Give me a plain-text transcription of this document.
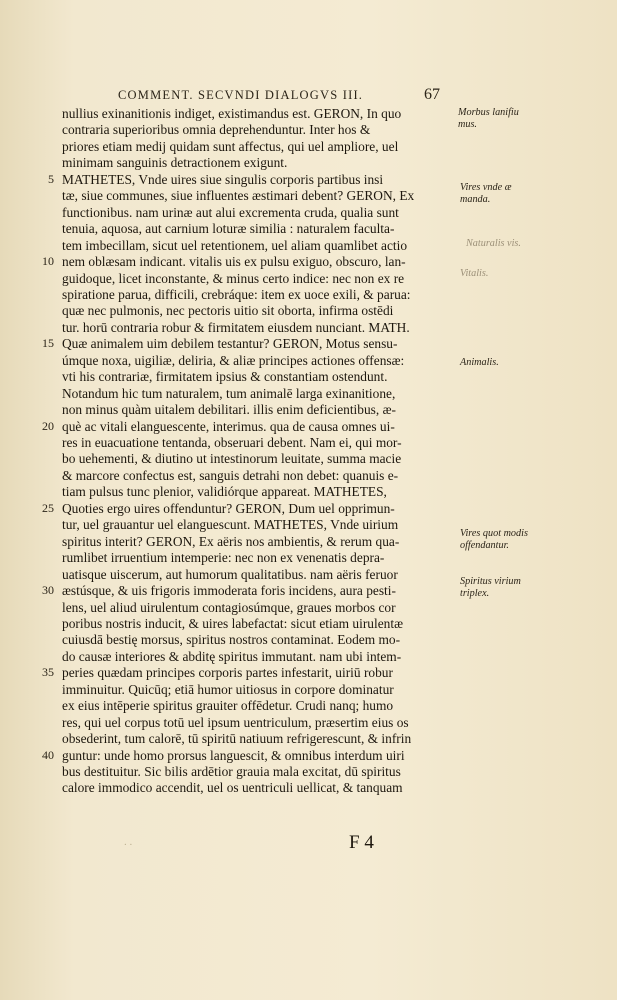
COMMENT. SECVNDI DIALOGVS III.	67
nullius exinanitionis indiget, existimandus est. GERON, In quo
contraria superioribus omnia deprehenduntur. Inter hos &
priores etiam medij quidam sunt affectus, qui uel ampliore, uel
minimam sanguinis detractionem exigunt.
5 MATHETES, Vnde uires siue singulis corporis partibus insi
tæ, siue communes, siue influentes æstimari debent? GERON, Ex
functionibus. nam urinæ aut alui excrementa cruda, qualia sunt
tenuia, aquosa, aut carnium loturæ similia : naturalem faculta-
tem imbecillam, sicut uel retentionem, uel aliam quamlibet actio
10 nem oblæsam indicant. vitalis uis ex pulsu exiguo, obscuro, lan-
guidoque, licet inconstante, & minus certo indice: nec non ex re
spiratione parua, difficili, crebráque: item ex uoce exili, & parua:
quæ nec pulmonis, nec pectoris uitio sit oborta, infirma ostēdi
tur. horū contraria robur & firmitatem eiusdem nunciant. MATH.
15 Quæ animalem uim debilem testantur? GERON, Motus sensu-
úmque noxa, uigiliæ, deliria, & aliæ principes actiones offensæ:
vti his contrariæ, firmitatem ipsius & constantiam ostendunt.
Notandum hic tum naturalem, tum animalē larga exinanitione,
non minus quàm uitalem debilitari. illis enim deficientibus, æ-
20 què ac vitali elanguescente, interimus. qua de causa omnes ui-
res in euacuatione tentanda, obseruari debent. Nam ei, qui mor-
bo uehementi, & diutino ut intestinorum leuitate, summa macie
& marcore confectus est, sanguis detrahi non debet: quanuis e-
tiam pulsus tunc plenior, validiórque appareat. MATHETES,
25 Quoties ergo uires offenduntur? GERON, Dum uel opprimun-
tur, uel grauantur uel elanguescunt. MATHETES, Vnde uirium
spiritus interit? GERON, Ex aëris nos ambientis, & rerum qua-
rumlibet irruentium intemperie: nec non ex venenatis depra-
uatisque uiscerum, aut humorum qualitatibus. nam aëris feruor
30 æstúsque, & uis frigoris immoderata foris incidens, aura pesti-
lens, uel aliud uirulentum contagiosúmque, graues morbos cor
poribus nostris inducit, & uires labefactat: sicut etiam uirulentæ
cuiusdā bestię morsus, spiritus nostros contaminat. Eodem mo-
do causæ interiores & abditę spiritus immutant. nam ubi intem-
35 peries quædam principes corporis partes infestarit, uiriū robur
imminuitur. Quicūq; etiā humor uitiosus in corpore dominatur
ex eius intēperie spiritus grauiter offēdetur. Crudi nanq; humo
res, qui uel corpus totū uel ipsum uentriculum, præsertim eius os
obsederint, tum calorē, tū spiritū natiuum refrigerescunt, & infrin
40 guntur: unde homo prorsus languescit, & omnibus interdum uiri
bus destituitur. Sic bilis ardētior grauia mala excitat, dū spiritus
calore immodico accendit, uel os uentriculi uellicat, & tanquam
Morbus lanifiu mus.
Vires vnde æ manda.
Naturalis vis.
Vitalis.
Animalis.
Vires quot modis offendantur.
Spiritus virium triplex.
. .	F 4
